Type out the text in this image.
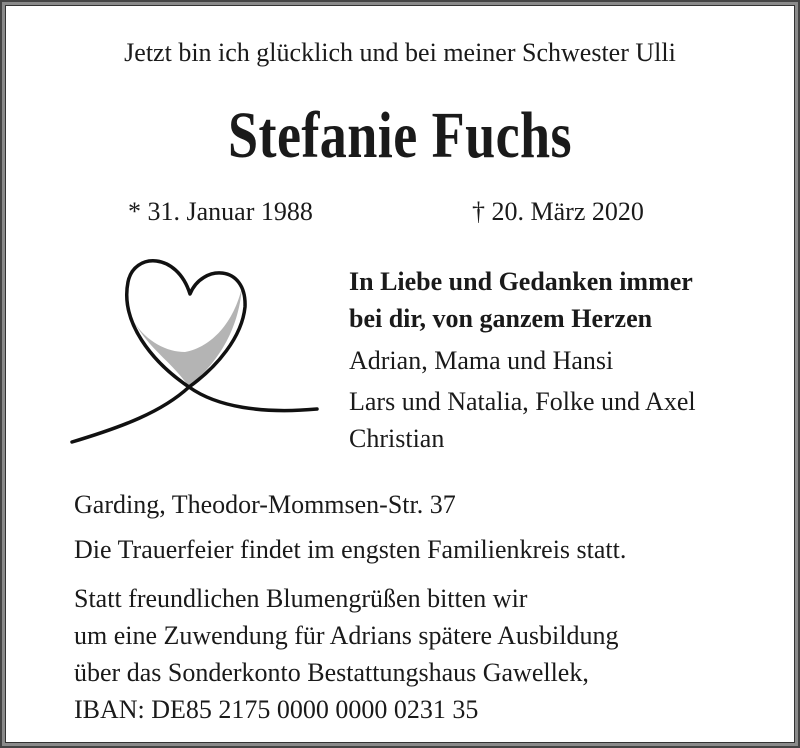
Jetzt bin ich glücklich und bei meiner Schwester Ulli
Stefanie Fuchs
* 31. Januar 1988	† 20. März 2020
In Liebe und Gedanken immer
bei dir, von ganzem Herzen
Adrian, Mama und Hansi
Lars und Natalia, Folke und Axel
Christian
Garding, Theodor-Mommsen-Str. 37
Die Trauerfeier findet im engsten Familienkreis statt.
Statt freundlichen Blumengrüßen bitten wir
um eine Zuwendung für Adrians spätere Ausbildung
über das Sonderkonto Bestattungshaus Gawellek,
IBAN: DE85 2175 0000 0000 0231 35
